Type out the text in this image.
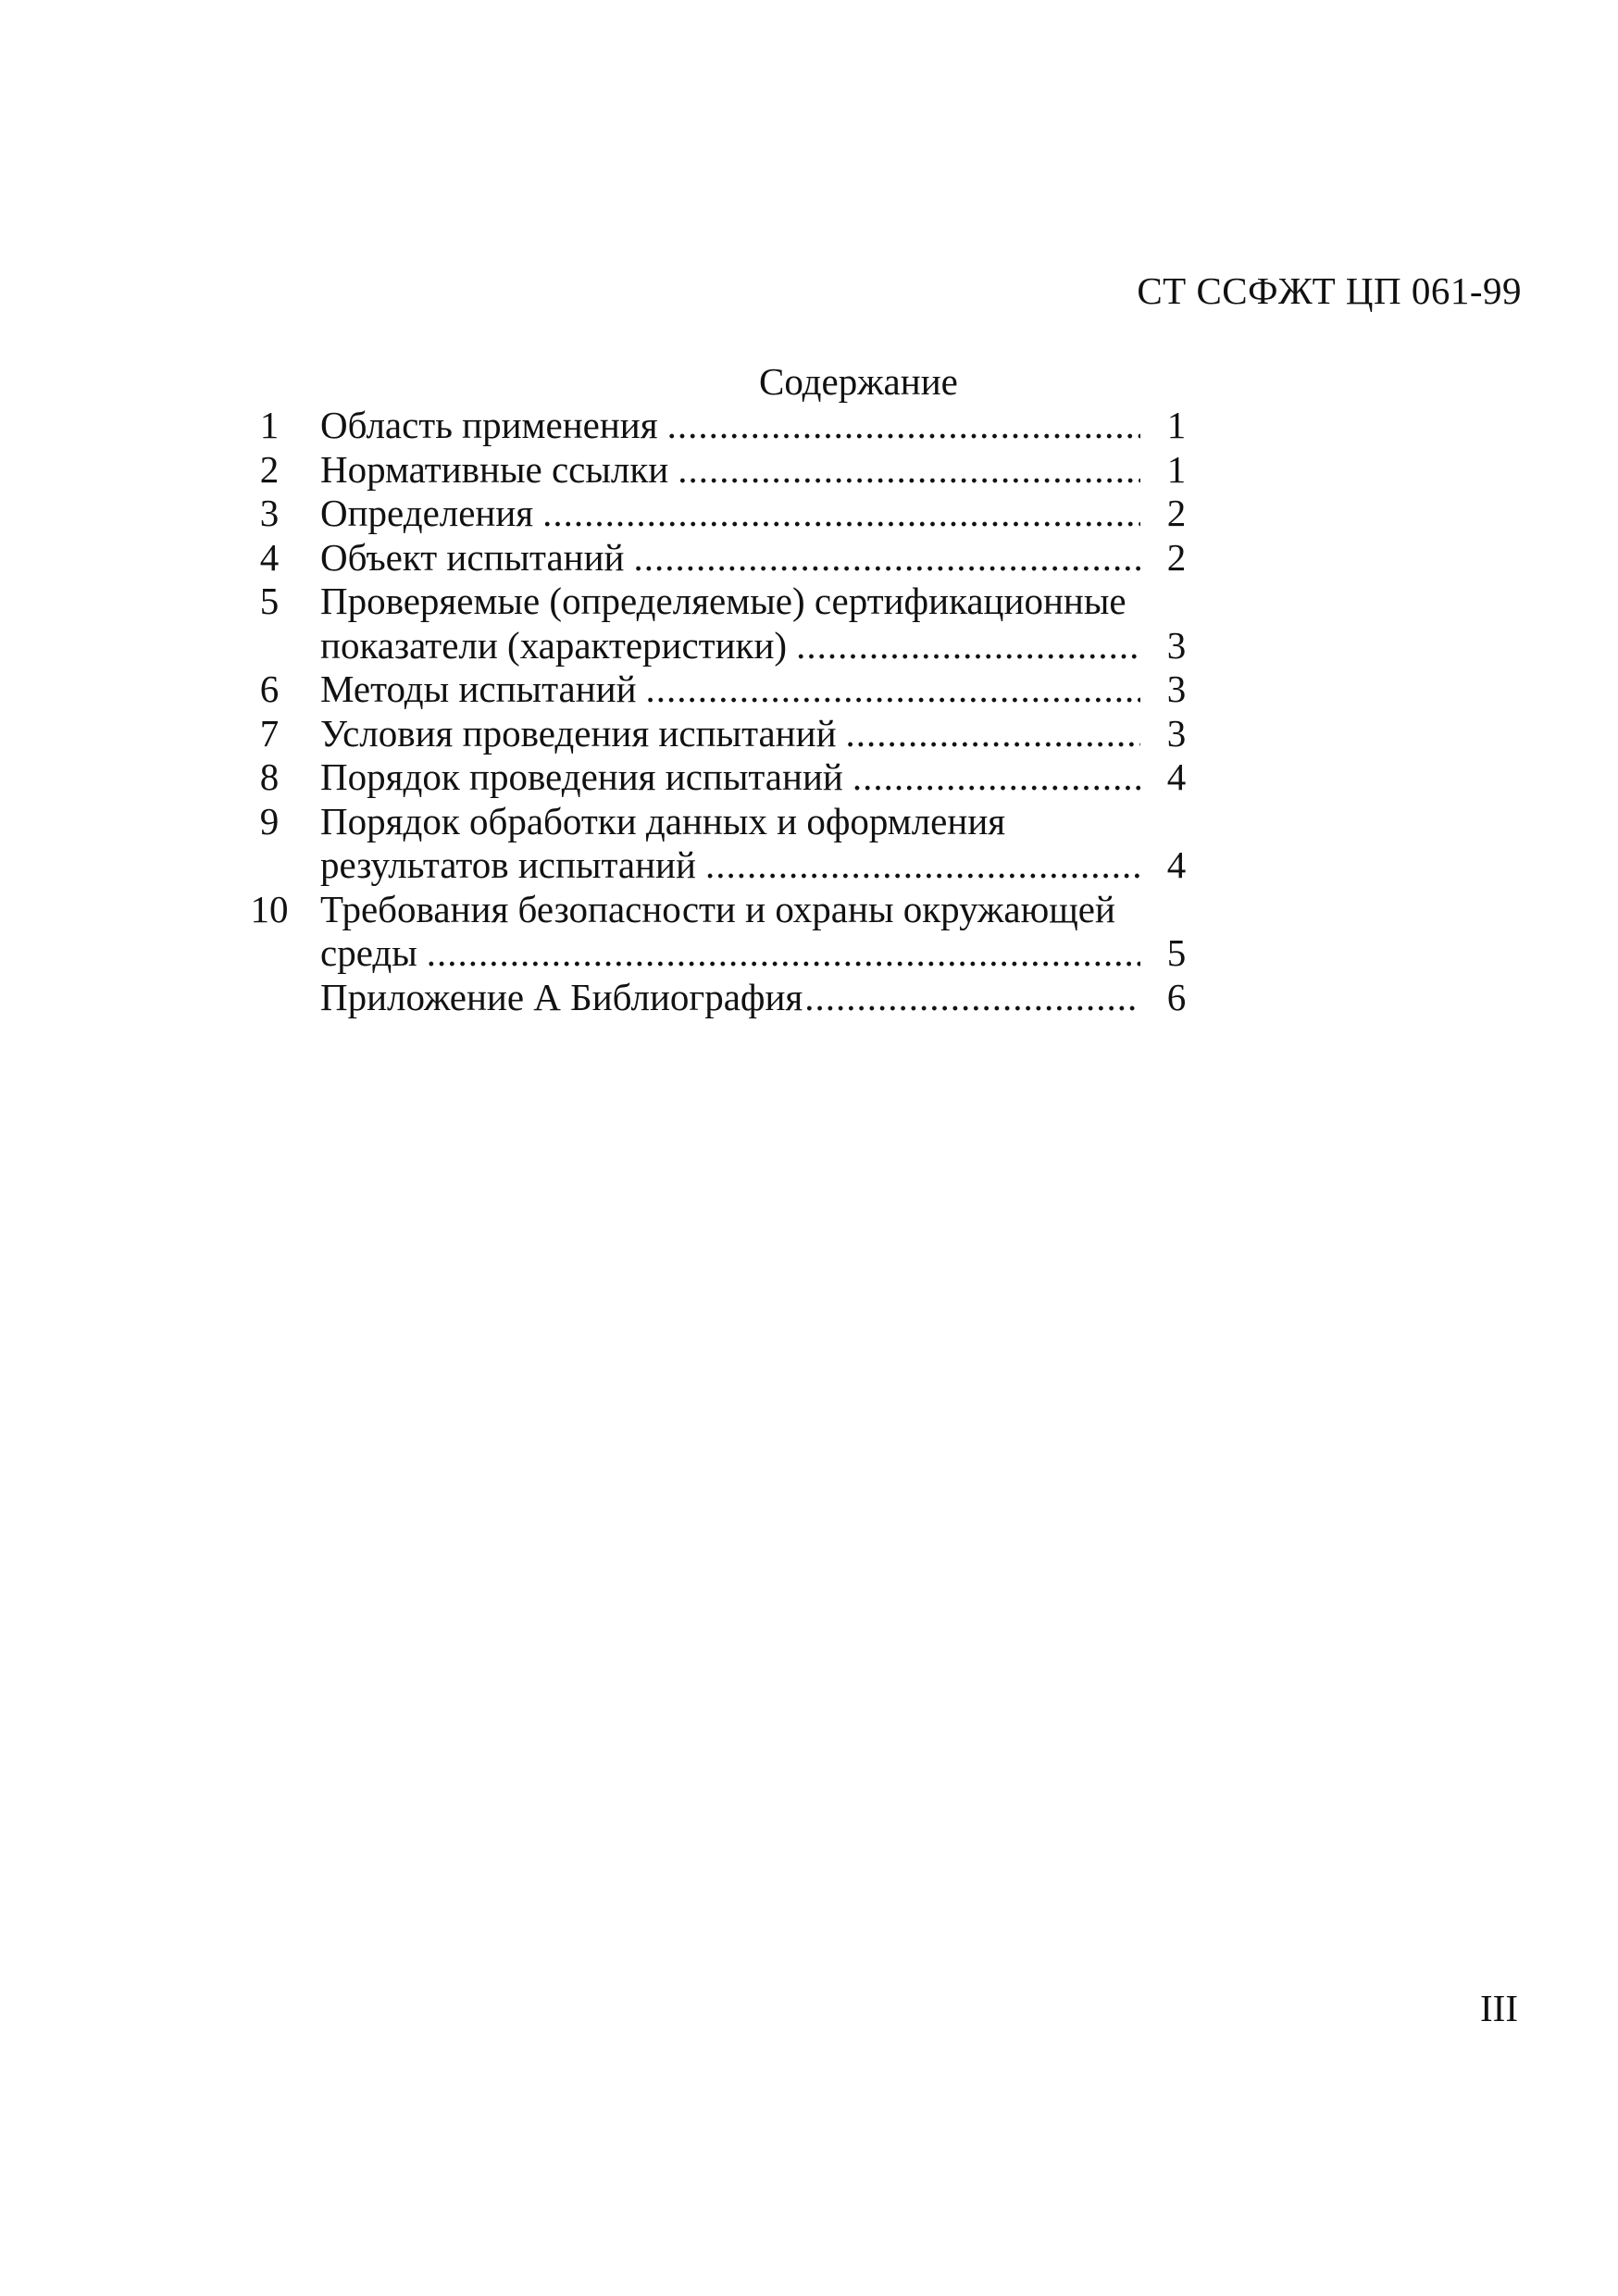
СТ ССФЖТ ЦП 061-99
Содержание
1	Область применения .....	1
2	Нормативные ссылки .....	1
3	Определения .....	2
4	Объект испытаний .....	2
5	Проверяемые (определяемые) сертификационные
показатели (характеристики) .....	3
6	Методы испытаний .....	3
7	Условия проведения испытаний .....	3
8	Порядок проведения испытаний .....	4
9	Порядок обработки данных и оформления
результатов испытаний .....	4
10 Требования безопасности и охраны окружающей
среды .....	5
Приложение А Библиография .....	6
III
